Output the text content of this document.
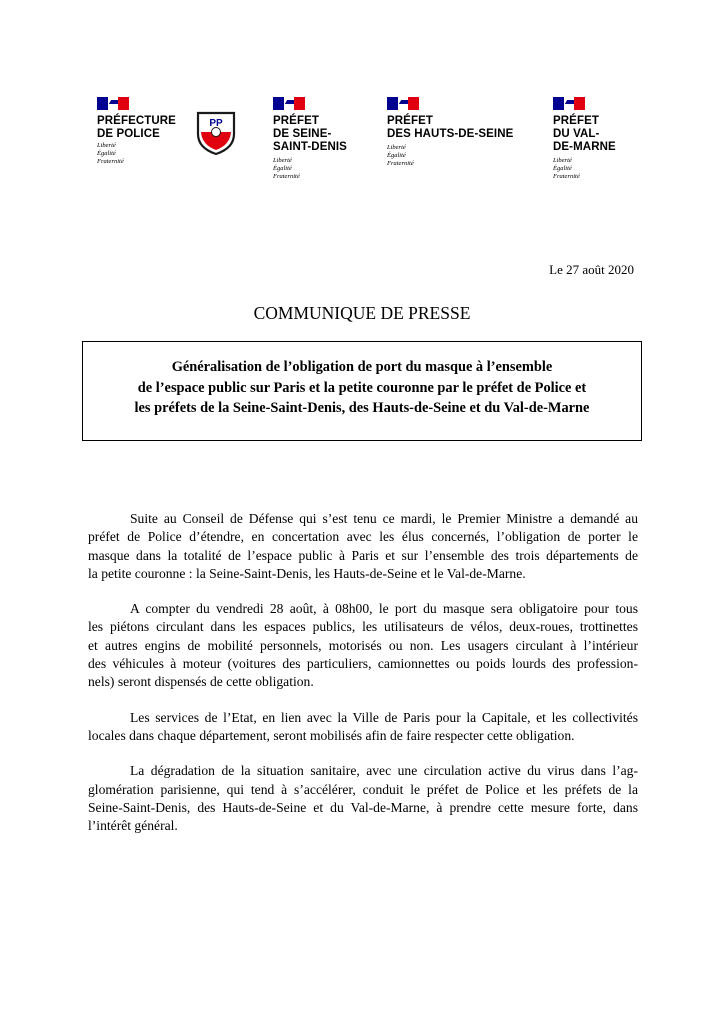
PRÉFECTURE
DE POLICE
Liberté
Égalité
Fraternité
PP	PRÉFET
DE SEINE-
SAINT-DENIS
Liberté
Égalité
Fraternité
PRÉFET
DES HAUTS-DE-SEINE
Liberté
Égalité
Fraternité
PRÉFET
DU VAL-
DE-MARNE
Liberté
Égalité
Fraternité

Le 27 août 2020

COMMUNIQUE DE PRESSE
Généralisation de l’obligation de port du masque à l’ensemble
de l’espace public sur Paris et la petite couronne par le préfet de Police et
les préfets de la Seine-Saint-Denis, des Hauts-de-Seine et du Val-de-Marne

Suite au Conseil de Défense qui s’est tenu ce mardi, le Premier Ministre a demandé au
préfet de Police d’étendre, en concertation avec les élus concernés, l’obligation de porter le
masque dans la totalité de l’espace public à Paris et sur l’ensemble des trois départements de
la petite couronne : la Seine-Saint-Denis, les Hauts-de-Seine et le Val-de-Marne.

A compter du vendredi 28 août, à 08h00, le port du masque sera obligatoire pour tous
les piétons circulant dans les espaces publics, les utilisateurs de vélos, deux-roues, trottinettes
et autres engins de mobilité personnels, motorisés ou non. Les usagers circulant à l’intérieur
des véhicules à moteur (voitures des particuliers, camionnettes ou poids lourds des profession-
nels) seront dispensés de cette obligation.

Les services de l’Etat, en lien avec la Ville de Paris pour la Capitale, et les collectivités
locales dans chaque département, seront mobilisés afin de faire respecter cette obligation.

La dégradation de la situation sanitaire, avec une circulation active du virus dans l’ag-
glomération parisienne, qui tend à s’accélérer, conduit le préfet de Police et les préfets de la
Seine-Saint-Denis, des Hauts-de-Seine et du Val-de-Marne, à prendre cette mesure forte, dans
l’intérêt général.
